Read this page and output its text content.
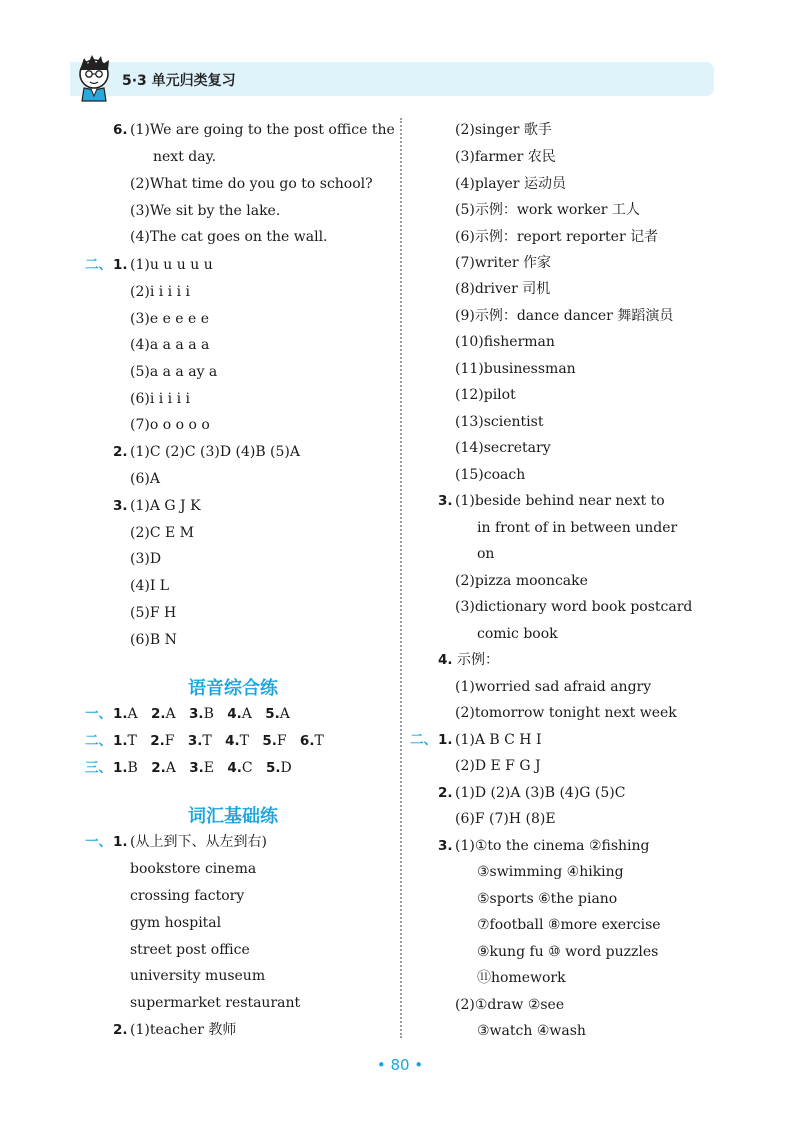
5·3 单元归类复习
6. (1)We are going to the post office the
next day.
(2)What time do you go to school?
(3)We sit by the lake.
(4)The cat goes on the wall.
二、 1. (1)u u u u u
(2)i i i i i
(3)e e e e e
(4)a a a a a
(5)a a a ay a
(6)i i i i i
(7)o o o o o
2. (1)C (2)C (3)D (4)B (5)A
(6)A
3. (1)A G J K
(2)C E M
(3)D
(4)I L
(5)F H
(6)B N
语音综合练
一、 1.A 2.A 3.B 4.A 5.A
二、 1.T 2.F 3.T 4.T 5.F 6.T
三、 1.B 2.A 3.E 4.C 5.D
词汇基础练
一、 1. (从上到下、从左到右)
bookstore cinema
crossing factory
gym hospital
street post office
university museum
supermarket restaurant
2. (1)teacher 教师
(2)singer 歌手
(3)farmer 农民
(4)player 运动员
(5)示例：work worker 工人
(6)示例：report reporter 记者
(7)writer 作家
(8)driver 司机
(9)示例：dance dancer 舞蹈演员
(10)fisherman
(11)businessman
(12)pilot
(13)scientist
(14)secretary
(15)coach
3. (1)beside behind near next to
in front of in between under
on
(2)pizza mooncake
(3)dictionary word book postcard
comic book
4. 示例：
(1)worried sad afraid angry
(2)tomorrow tonight next week
二、 1. (1)A B C H I
(2)D E F G J
2. (1)D (2)A (3)B (4)G (5)C
(6)F (7)H (8)E
3. (1)①to the cinema ②fishing
③swimming ④hiking
⑤sports ⑥the piano
⑦football ⑧more exercise
⑨kung fu ⑩ word puzzles
⑪homework
(2)①draw ②see
③watch ④wash
• 80 •
